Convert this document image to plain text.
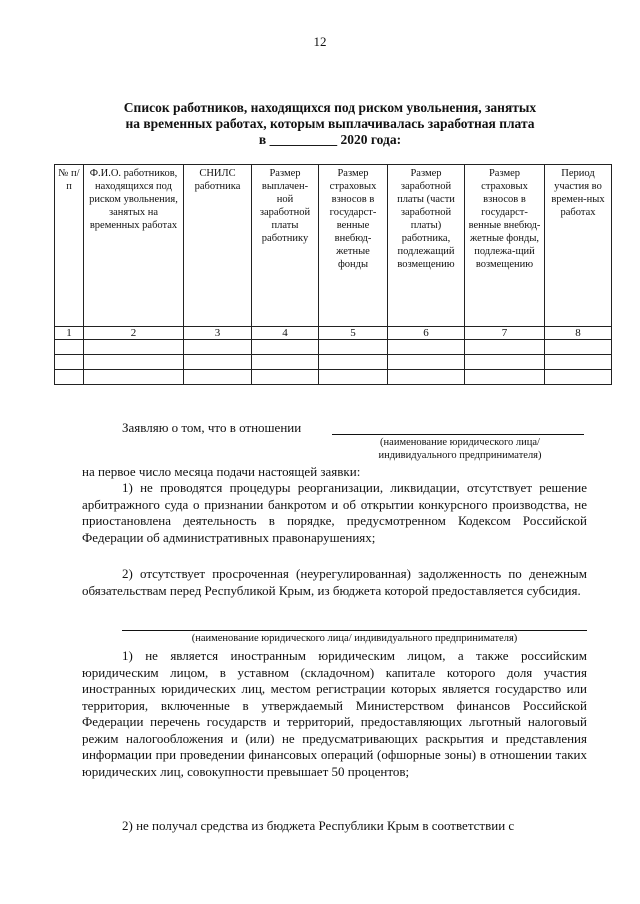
12
Список работников, находящихся под риском увольнения, занятых
на временных работах, которым выплачивалась заработная плата
в __________ 2020 года:
№ п/п	Ф.И.О. работников, находящихся под риском увольнения, занятых на временных работах	СНИЛС работника	Размер выплачен-ной заработной платы работнику	Размер страховых взносов в государст-венные внебюд-жетные фонды	Размер заработной платы (части заработной платы) работника, подлежащий возмещению	Размер страховых взносов в государст-венные внебюд-жетные фонды, подлежа-щий возмещению	Период участия во времен-ных работах
1	2	3	4	5	6	7	8

Заявляю о том, что в отношении
(наименование юридического лица/ индивидуального предпринимателя)

на первое число месяца подачи настоящей заявки:

1) не проводятся процедуры реорганизации, ликвидации, отсутствует решение арбитражного суда о признании банкротом и об открытии конкурсного производства, не приостановлена деятельность в порядке, предусмотренном Кодексом Российской Федерации об административных правонарушениях;

2) отсутствует просроченная (неурегулированная) задолженность по денежным обязательствам перед Республикой Крым, из бюджета которой предоставляется субсидия.

(наименование юридического лица/ индивидуального предпринимателя)

1) не является иностранным юридическим лицом, а также российским юридическим лицом, в уставном (складочном) капитале которого доля участия иностранных юридических лиц, местом регистрации которых является государство или территория, включенные в утверждаемый Министерством финансов Российской Федерации перечень государств и территорий, предоставляющих льготный налоговый режим налогообложения и (или) не предусматривающих раскрытия и представления информации при проведении финансовых операций (офшорные зоны) в отношении таких юридических лиц, совокупности превышает 50 процентов;

2) не получал средства из бюджета Республики Крым в соответствии с
